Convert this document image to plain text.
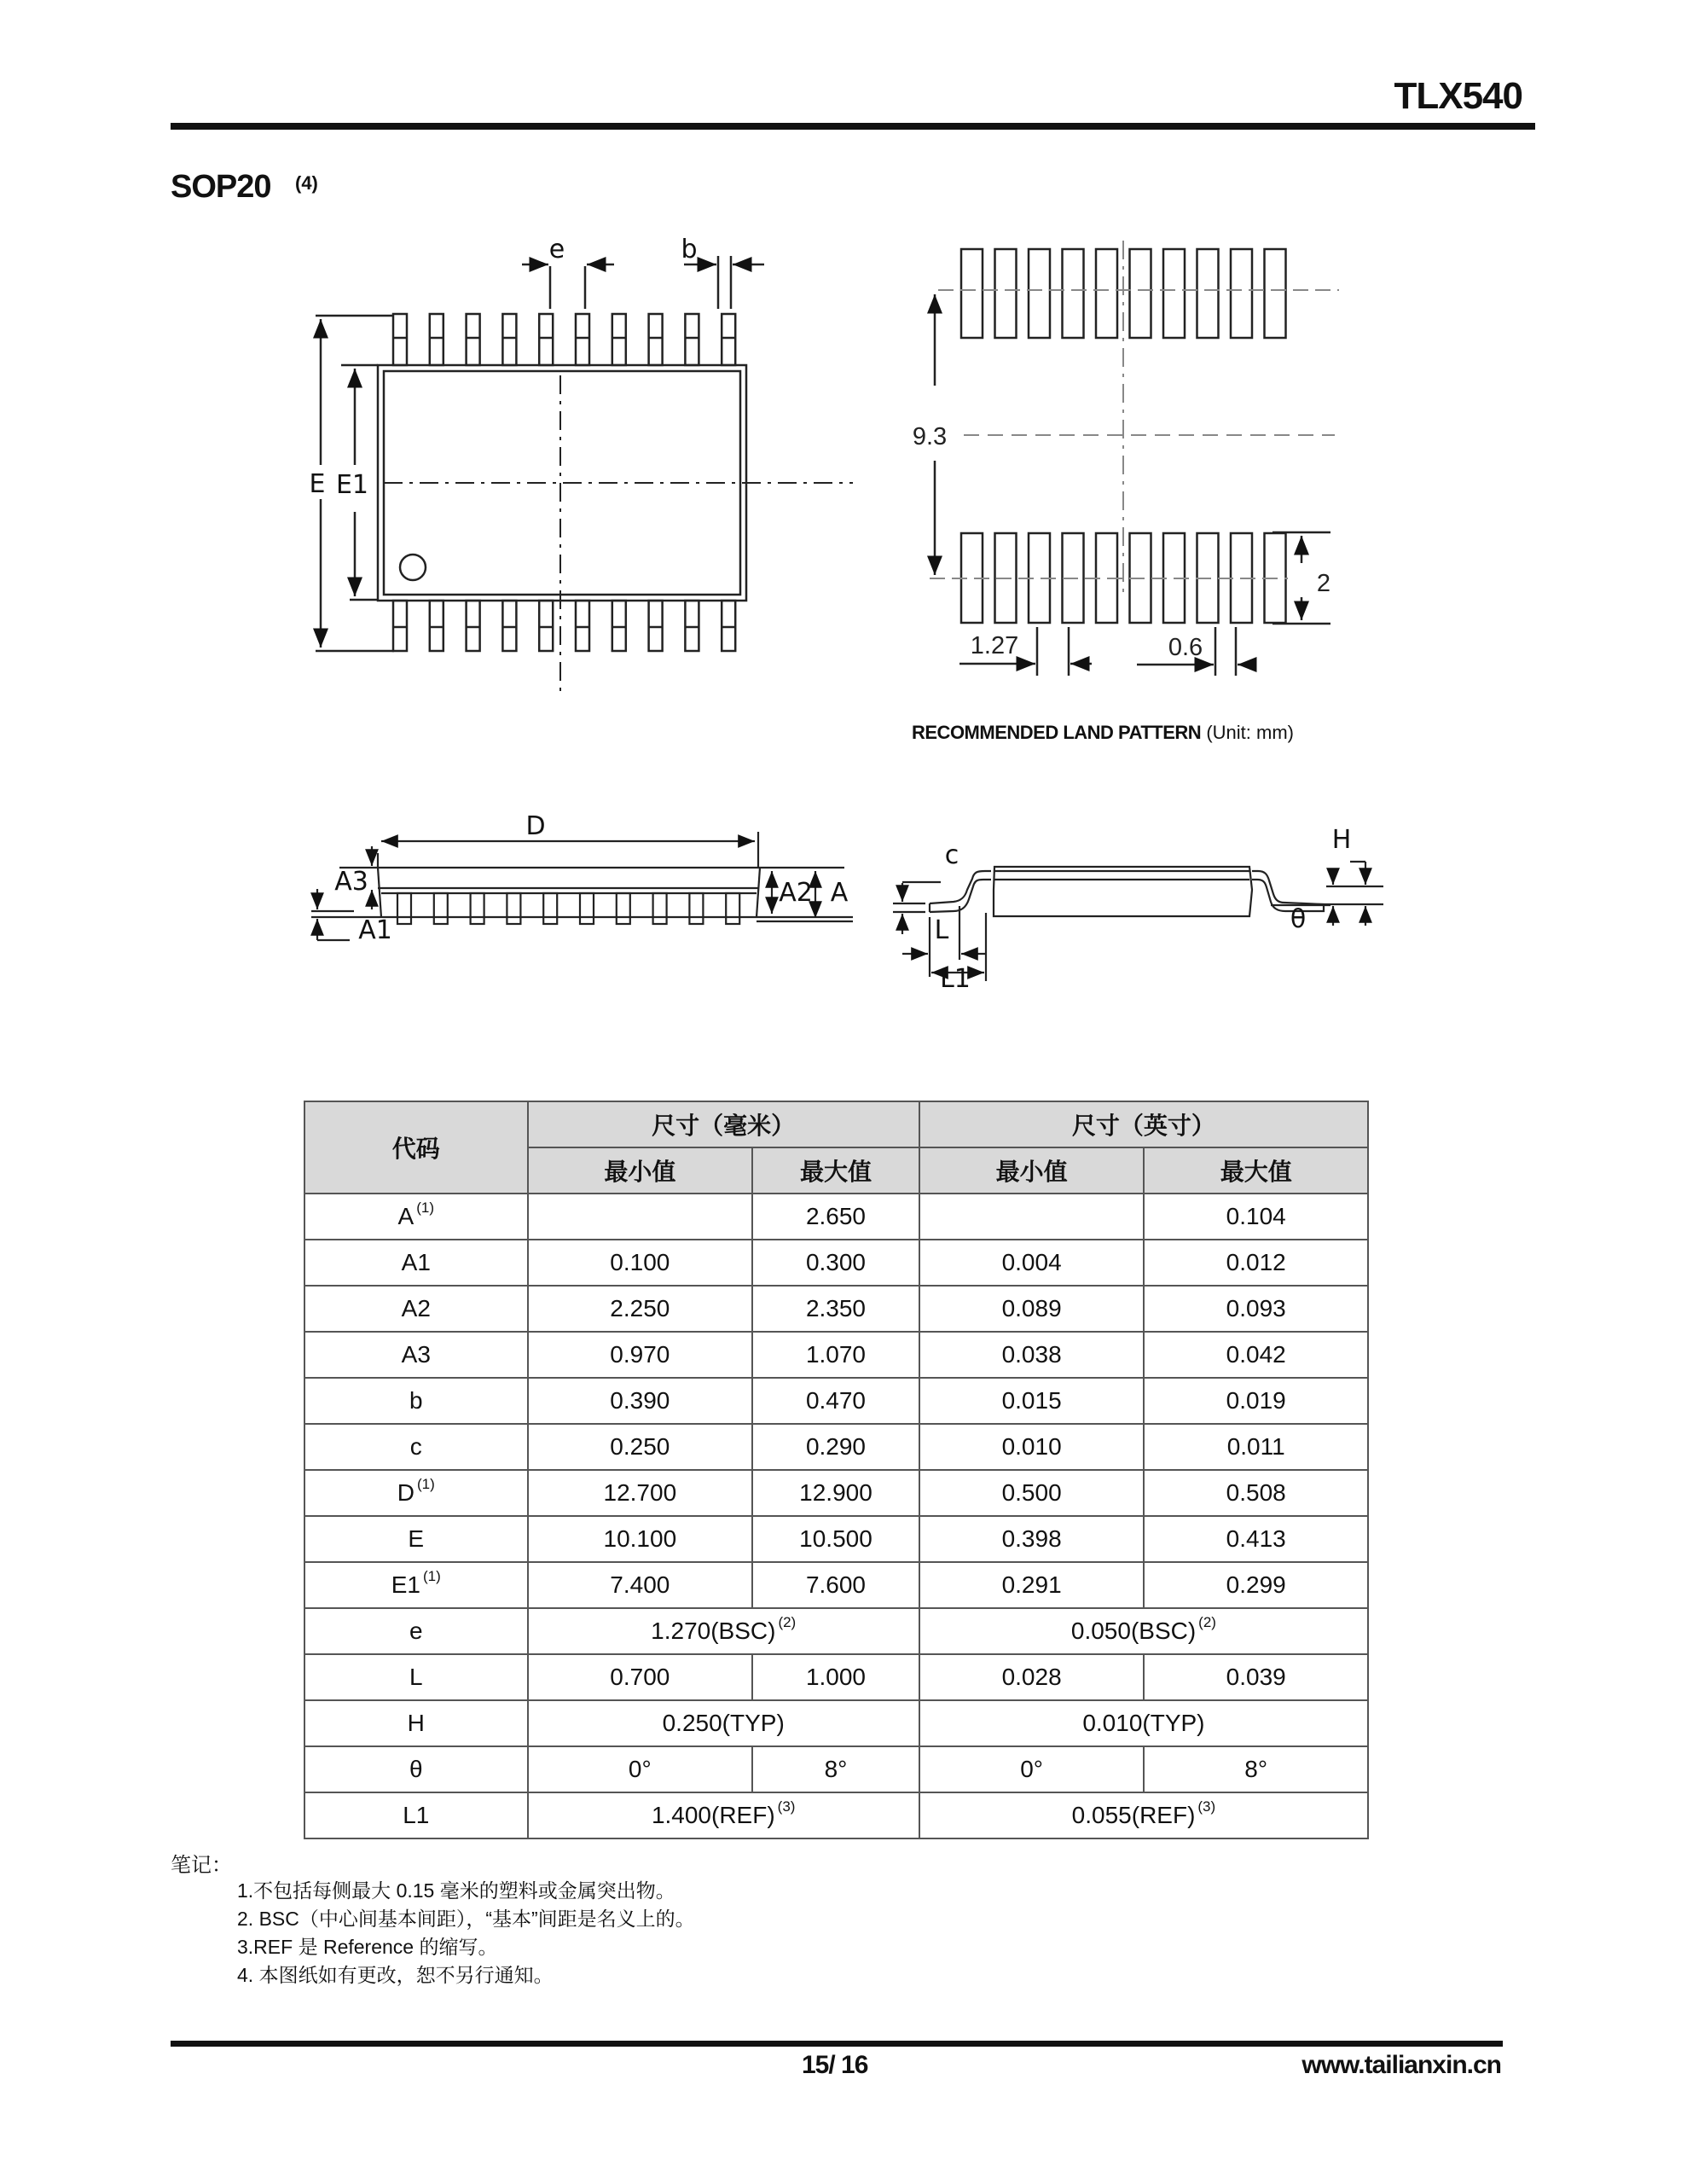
TLX540
SOP20 (4)
e	b
E E1
9.3
2
1.27	0.6
D
A3	A2 A
A1
c
H
θ
L
L1
RECOMMENDED LAND PATTERN (Unit: mm)
代码	尺寸（毫米）		尺寸（英寸）	
	最小值	最大值	最小值	最大值
A $^{(1)}$		2.650		0.104
A1	0.100	0.300	0.004	0.012
A2	2.250	2.350	0.089	0.093
A3	0.970	1.070	0.038	0.042
b	0.390	0.470	0.015	0.019
c	0.250	0.290	0.010	0.011
D $^{(1)}$	12.700	12.900	0.500	0.508
E	10.100	10.500	0.398	0.413
E1 $^{(1)}$	7.400	7.600	0.291	0.299
e	1.270(BSC) $^{(2)}$		0.050(BSC) $^{(2)}$
L	0.700	1.000	0.028	0.039
H	0.250(TYP)		0.010(TYP)	
θ	0°	8°	0°	8°
L1	1.400(REF) $^{(3)}$		0.055(REF) $^{(3)}$
笔记：
1.不包括每侧最大 0.15 毫米的塑料或金属突出物。
2. BSC（中心间基本间距），“基本”间距是名义上的。
3.REF 是 Reference 的缩写。
4. 本图纸如有更改，恕不另行通知。
15/ 16	www.tailianxin.cn
